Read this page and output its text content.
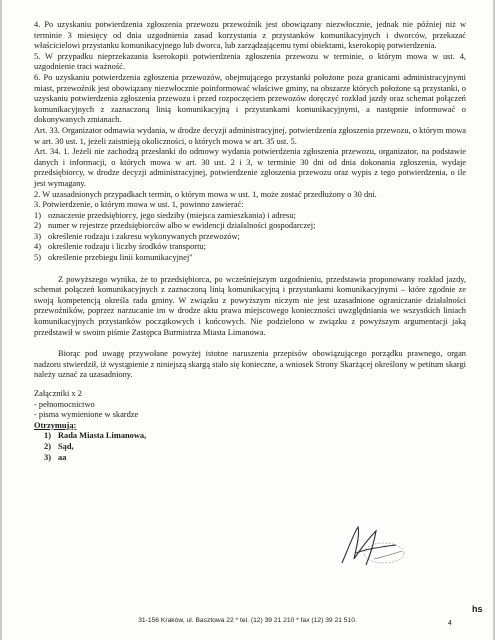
4. Po uzyskaniu potwierdzenia zgłoszenia przewozu przewoźnik jest obowiązany niezwłocznie, jednak nie później niż w terminie 3 miesięcy od dnia uzgodnienia zasad korzystania z przystanków komunikacyjnych i dworców, przekazać właścicielowi przystanku komunikacyjnego lub dworca, lub zarządzającemu tymi obiektami, kserokopię potwierdzenia.

5. W przypadku nieprzekazania kserokopii potwierdzenia zgłoszenia przewozu w terminie, o którym mowa w ust. 4, uzgodnienie traci ważność.

6. Po uzyskaniu potwierdzenia zgłoszenia przewozów, obejmującego przystanki położone poza granicami administracyjnymi miast, przewoźnik jest obowiązany niezwłocznie poinformować właściwe gminy, na obszarze których położone są przystanki, o uzyskaniu potwierdzenia zgłoszenia przewozu i przed rozpoczęciem przewozów doręczyć rozkład jazdy oraz schemat połączeń komunikacyjnych z zaznaczoną linią komunikacyjną i przystankami komunikacyjnymi, a następnie informować o dokonywanych zmianach.

Art. 33. Organizator odmawia wydania, w drodze decyzji administracyjnej, potwierdzenia zgłoszenia przewozu, o którym mowa w art. 30 ust. 1, jeżeli zaistnieją okoliczności, o których mowa w art. 35 ust. 5.

Art. 34. 1. Jeżeli nie zachodzą przesłanki do odmowy wydania potwierdzenia zgłoszenia przewozu, organizator, na podstawie danych i informacji, o których mowa w art. 30 ust. 2 i 3, w terminie 30 dni od dnia dokonania zgłoszenia, wydaje przedsiębiorcy, w drodze decyzji administracyjnej, potwierdzenie zgłoszenia przewozu oraz wypis z tego potwierdzenia, o ile jest wymagany.

2. W uzasadnionych przypadkach termin, o którym mowa w ust. 1, może zostać przedłużony o 30 dni.

3. Potwierdzenie, o którym mowa w ust. 1, powinno zawierać:

1) oznaczenie przedsiębiorcy, jego siedziby (miejsca zamieszkania) i adresu;
2) numer w rejestrze przedsiębiorców albo w ewidencji działalności gospodarczej;
3) określenie rodzaju i zakresu wykonywanych przewozów;
4) określenie rodzaju i liczby środków transportu;
5) określenie przebiegu linii komunikacyjnej"

Z powyższego wynika, że to przedsiębiorca, po wcześniejszym uzgodnieniu, przedstawia proponowany rozkład jazdy, schemat połączeń komunikacyjnych z zaznaczoną linią komunikacyjną i przystankami komunikacyjnymi – które zgodnie ze swoją kompetencją określa rada gminy. W związku z powyższym niczym nie jest uzasadnione ograniczanie działalności przewoźników, poprzez narzucanie im w drodze aktu prawa miejscowego konieczności uwzględniania we wszystkich liniach komunikacyjnych przystanków początkowych i końcowych. Nie podzielono w związku z powyższym argumentacji jaką przedstawił w swoim piśmie Zastępca Burmistrza Miasta Limanowa.

Biorąc pod uwagę przywołane powyżej istotne naruszenia przepisów obowiązującego porządku prawnego, organ nadzoru stwierdził, iż wystąpienie z niniejszą skargą stało się konieczne, a wniosek Strony Skarżącej określony w petitum skargi należy uznać za uzasadniony.

Załączniki x 2

- pełnomocnictwo

- pisma wymienione w skardze

Otrzymują:

1) Rada Miasta Limanowa,
2) Sąd,
3) aa
31-156 Kraków, ul. Basztowa 22 * tel. (12) 39 21 210 * fax (12) 39 21 510.	4
hs
